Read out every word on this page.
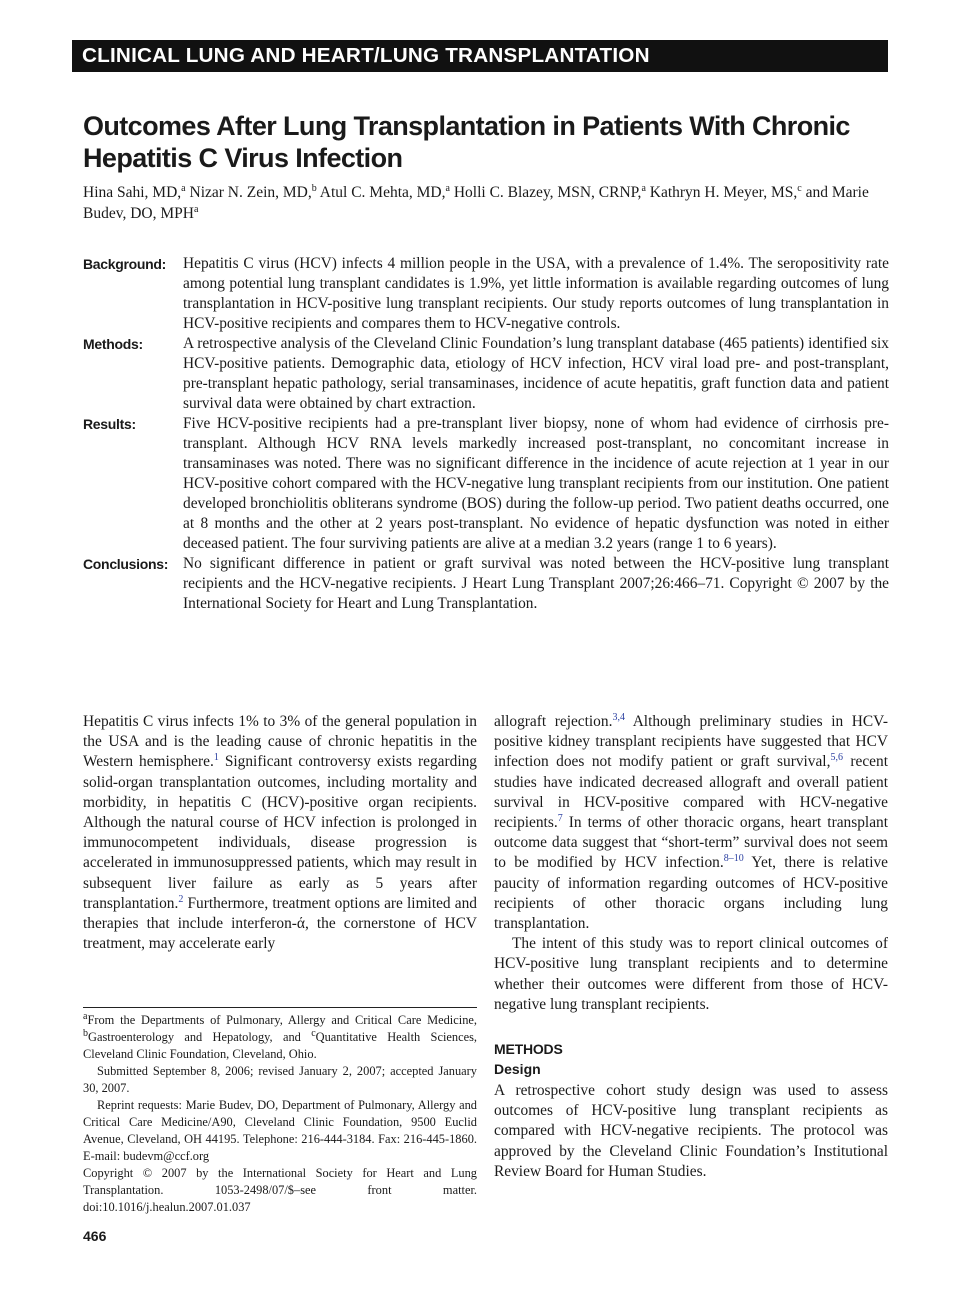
CLINICAL LUNG AND HEART/LUNG TRANSPLANTATION
Outcomes After Lung Transplantation in Patients With Chronic Hepatitis C Virus Infection
Hina Sahi, MD,$^a$ Nizar N. Zein, MD,$^b$ Atul C. Mehta, MD,$^a$ Holli C. Blazey, MSN, CRNP,$^a$ Kathryn H. Meyer, MS,$^c$ and Marie Budev, DO, MPH$^a$
Background:	Hepatitis C virus (HCV) infects 4 million people in the USA, with a prevalence of 1.4%. The seropositivity rate among potential lung transplant candidates is 1.9%, yet little information is available regarding outcomes of lung transplantation in HCV-positive lung transplant recipients. Our study reports outcomes of lung transplantation in HCV-positive recipients and compares them to HCV-negative controls.
Methods:	A retrospective analysis of the Cleveland Clinic Foundation’s lung transplant database (465 patients) identified six HCV-positive patients. Demographic data, etiology of HCV infection, HCV viral load pre- and post-transplant, pre-transplant hepatic pathology, serial transaminases, incidence of acute hepatitis, graft function data and patient survival data were obtained by chart extraction.
Results:	Five HCV-positive recipients had a pre-transplant liver biopsy, none of whom had evidence of cirrhosis pre-transplant. Although HCV RNA levels markedly increased post-transplant, no concomitant increase in transaminases was noted. There was no significant difference in the incidence of acute rejection at 1 year in our HCV-positive cohort compared with the HCV-negative lung transplant recipients from our institution. One patient developed bronchiolitis obliterans syndrome (BOS) during the follow-up period. Two patient deaths occurred, one at 8 months and the other at 2 years post-transplant. No evidence of hepatic dysfunction was noted in either deceased patient. The four surviving patients are alive at a median 3.2 years (range 1 to 6 years).
Conclusions: No significant difference in patient or graft survival was noted between the HCV-positive lung transplant recipients and the HCV-negative recipients. J Heart Lung Transplant 2007;26:466–71. Copyright © 2007 by the International Society for Heart and Lung Transplantation.

Hepatitis C virus infects 1% to 3% of the general population in the USA and is the leading cause of chronic hepatitis in the Western hemisphere.$^1$ Significant controversy exists regarding solid-organ transplantation outcomes, including mortality and morbidity, in hepatitis C (HCV)-positive organ recipients. Although the natural course of HCV infection is prolonged in immunocompetent individuals, disease progression is accelerated in immunosuppressed patients, which may result in subsequent liver failure as early as 5 years after transplantation.$^2$ Furthermore, treatment options are limited and therapies that include interferon-ά, the cornerstone of HCV treatment, may accelerate early

$^a$From the Departments of Pulmonary, Allergy and Critical Care Medicine, $^b$Gastroenterology and Hepatology, and $^c$Quantitative Health Sciences, Cleveland Clinic Foundation, Cleveland, Ohio.

Submitted September 8, 2006; revised January 2, 2007; accepted January 30, 2007.

Reprint requests: Marie Budev, DO, Department of Pulmonary, Allergy and Critical Care Medicine/A90, Cleveland Clinic Foundation, 9500 Euclid Avenue, Cleveland, OH 44195. Telephone: 216-444-3184. Fax: 216-445-1860. E-mail: budevm@ccf.org

Copyright © 2007 by the International Society for Heart and Lung Transplantation. 1053-2498/07/$–see front matter. doi:10.1016/j.healun.2007.01.037

allograft rejection.$^{3,4}$ Although preliminary studies in HCV-positive kidney transplant recipients have suggested that HCV infection does not modify patient or graft survival,$^{5,6}$ recent studies have indicated decreased allograft and overall patient survival in HCV-positive compared with HCV-negative recipients.$^7$ In terms of other thoracic organs, heart transplant outcome data suggest that “short-term” survival does not seem to be modified by HCV infection.$^{8-10}$ Yet, there is relative paucity of information regarding outcomes of HCV-positive recipients of other thoracic organs including lung transplantation.

The intent of this study was to report clinical outcomes of HCV-positive lung transplant recipients and to determine whether their outcomes were different from those of HCV-negative lung transplant recipients.

METHODS
Design

A retrospective cohort study design was used to assess outcomes of HCV-positive lung transplant recipients as compared with HCV-negative recipients. The protocol was approved by the Cleveland Clinic Foundation’s Institutional Review Board for Human Studies.

466
